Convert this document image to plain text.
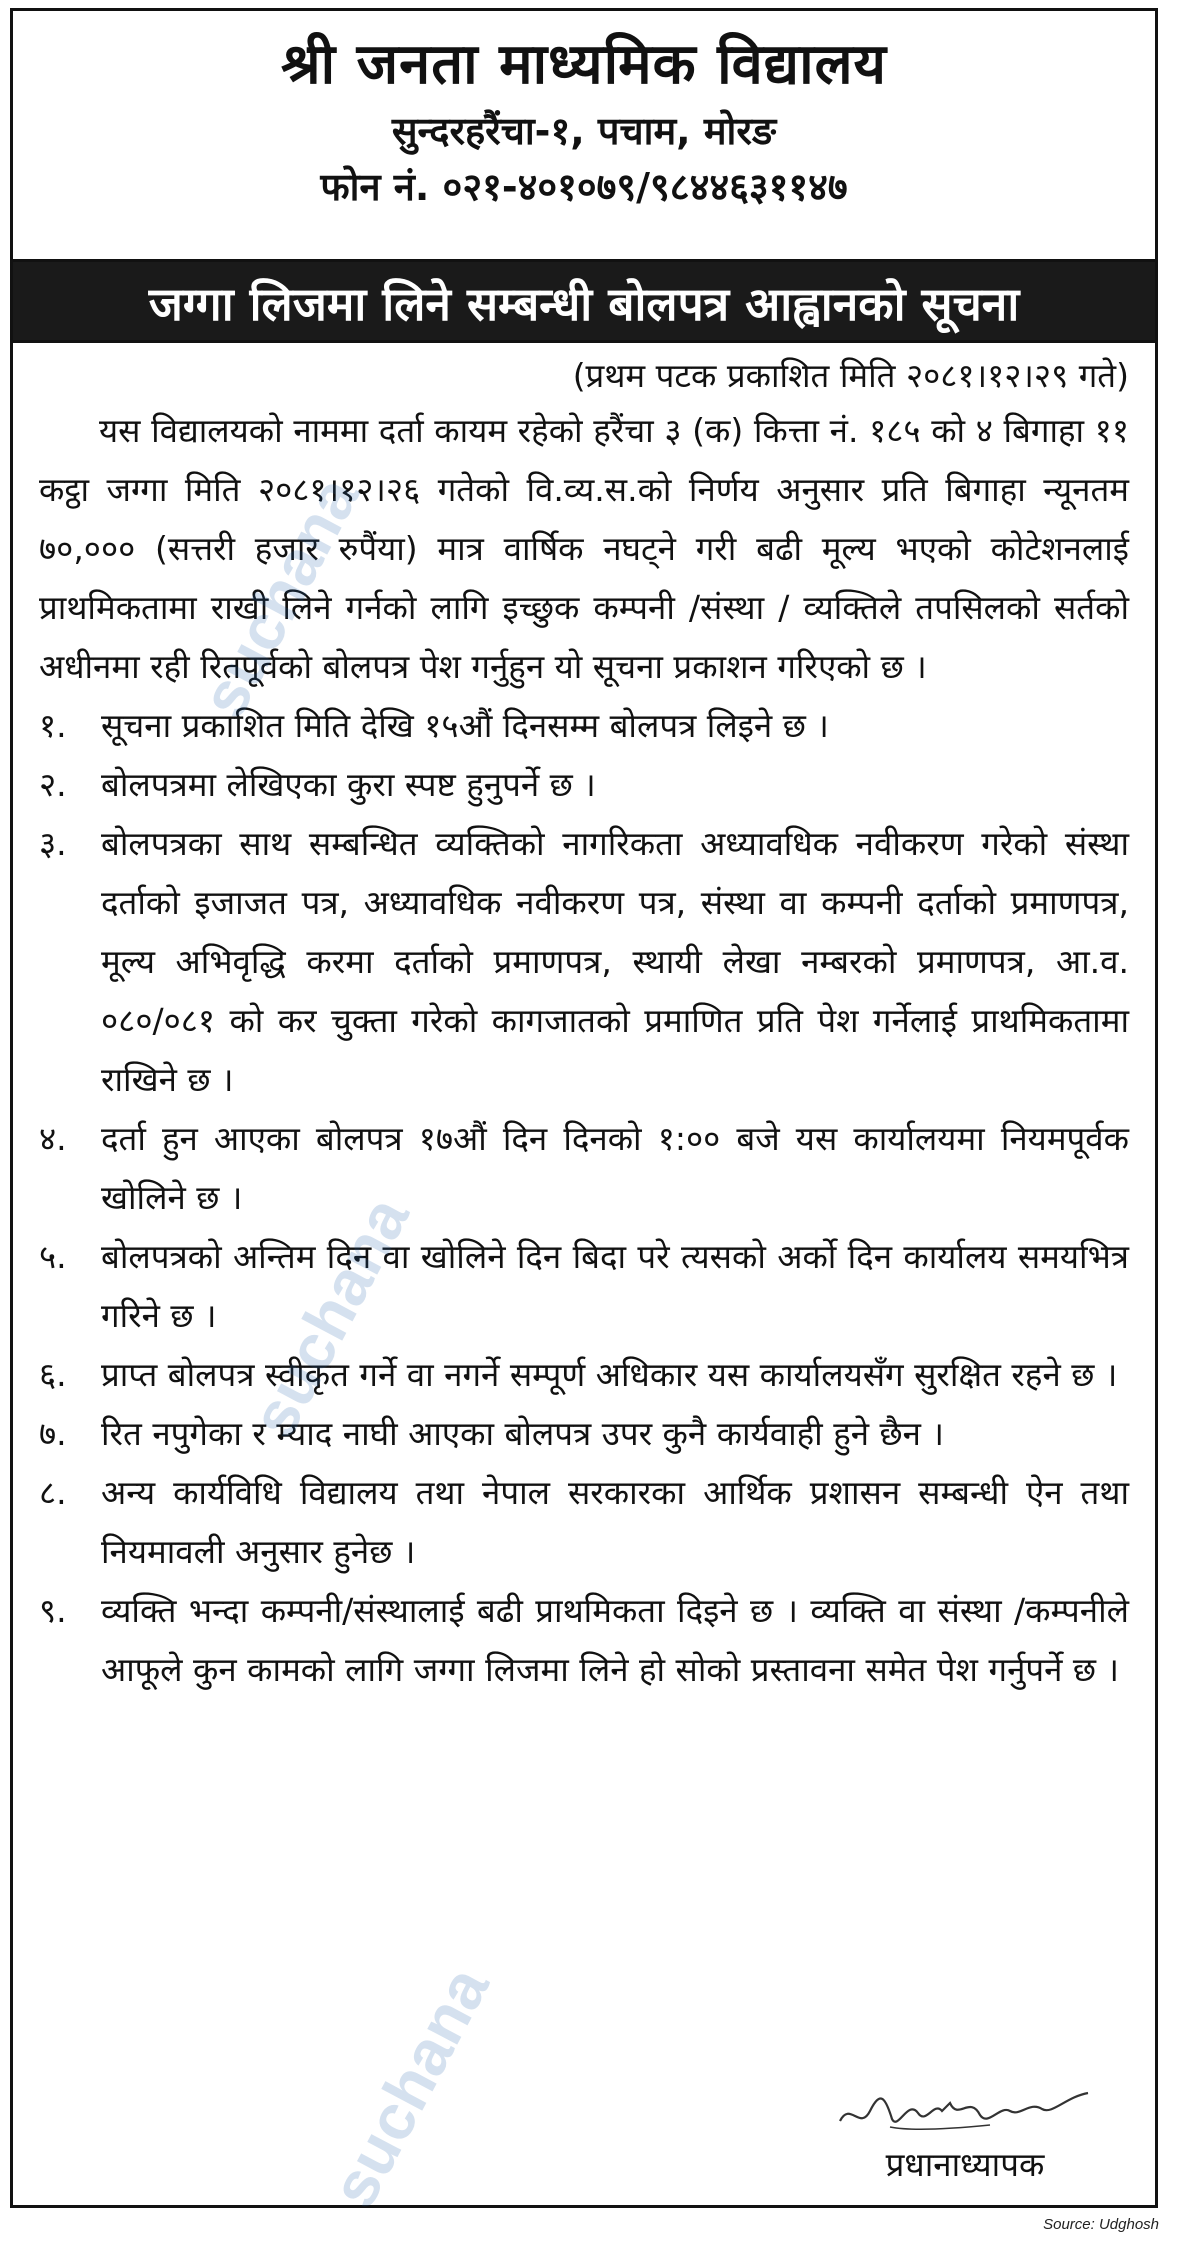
श्री जनता माध्यमिक विद्यालय
सुन्दरहरैंचा-१, पचाम, मोरङ
फोन नं. ०२१-४०१०७९/९८४४६३११४७
जग्गा लिजमा लिने सम्बन्धी बोलपत्र आह्वानको सूचना
(प्रथम पटक प्रकाशित मिति २०८१।१२।२९ गते)

यस विद्यालयको नाममा दर्ता कायम रहेको हरैंचा ३ (क) कित्ता नं. १८५ को ४ बिगाहा ११ कट्ठा जग्गा मिति २०८१।१२।२६ गतेको वि.व्य.स.को निर्णय अनुसार प्रति बिगाहा न्यूनतम ७०,००० (सत्तरी हजार रुपैंया) मात्र वार्षिक नघट्ने गरी बढी मूल्य भएको कोटेशनलाई प्राथमिकतामा राखी लिने गर्नको लागि इच्छुक कम्पनी /संस्था / व्यक्तिले तपसिलको सर्तको अधीनमा रही रितपूर्वको बोलपत्र पेश गर्नुहुन यो सूचना प्रकाशन गरिएको छ ।

१.	सूचना प्रकाशित मिति देखि १५औं दिनसम्म बोलपत्र लिइने छ ।
२.	बोलपत्रमा लेखिएका कुरा स्पष्ट हुनुपर्ने छ ।
३.	बोलपत्रका साथ सम्बन्धित व्यक्तिको नागरिकता अध्यावधिक नवीकरण गरेको संस्था दर्ताको इजाजत पत्र, अध्यावधिक नवीकरण पत्र, संस्था वा कम्पनी दर्ताको प्रमाणपत्र, मूल्य अभिवृद्धि करमा दर्ताको प्रमाणपत्र, स्थायी लेखा नम्बरको प्रमाणपत्र, आ.व. ०८०/०८१ को कर चुक्ता गरेको कागजातको प्रमाणित प्रति पेश गर्नेलाई प्राथमिकतामा राखिने छ ।
४.	दर्ता हुन आएका बोलपत्र १७औं दिन दिनको १:०० बजे यस कार्यालयमा नियमपूर्वक खोलिने छ ।
५.	बोलपत्रको अन्तिम दिन वा खोलिने दिन बिदा परे त्यसको अर्को दिन कार्यालय समयभित्र गरिने छ ।
६.	प्राप्त बोलपत्र स्वीकृत गर्ने वा नगर्ने सम्पूर्ण अधिकार यस कार्यालयसँग सुरक्षित रहने छ ।
७.	रित नपुगेका र म्याद नाघी आएका बोलपत्र उपर कुनै कार्यवाही हुने छैन ।
८.	अन्य कार्यविधि विद्यालय तथा नेपाल सरकारका आर्थिक प्रशासन सम्बन्धी ऐन तथा नियमावली अनुसार हुनेछ ।
९.	व्यक्ति भन्दा कम्पनी/संस्थालाई बढी प्राथमिकता दिइने छ । व्यक्ति वा संस्था /कम्पनीले आफूले कुन कामको लागि जग्गा लिजमा लिने हो सोको प्रस्तावना समेत पेश गर्नुपर्ने छ ।
प्रधानाध्यापक
Source: Udghosh
